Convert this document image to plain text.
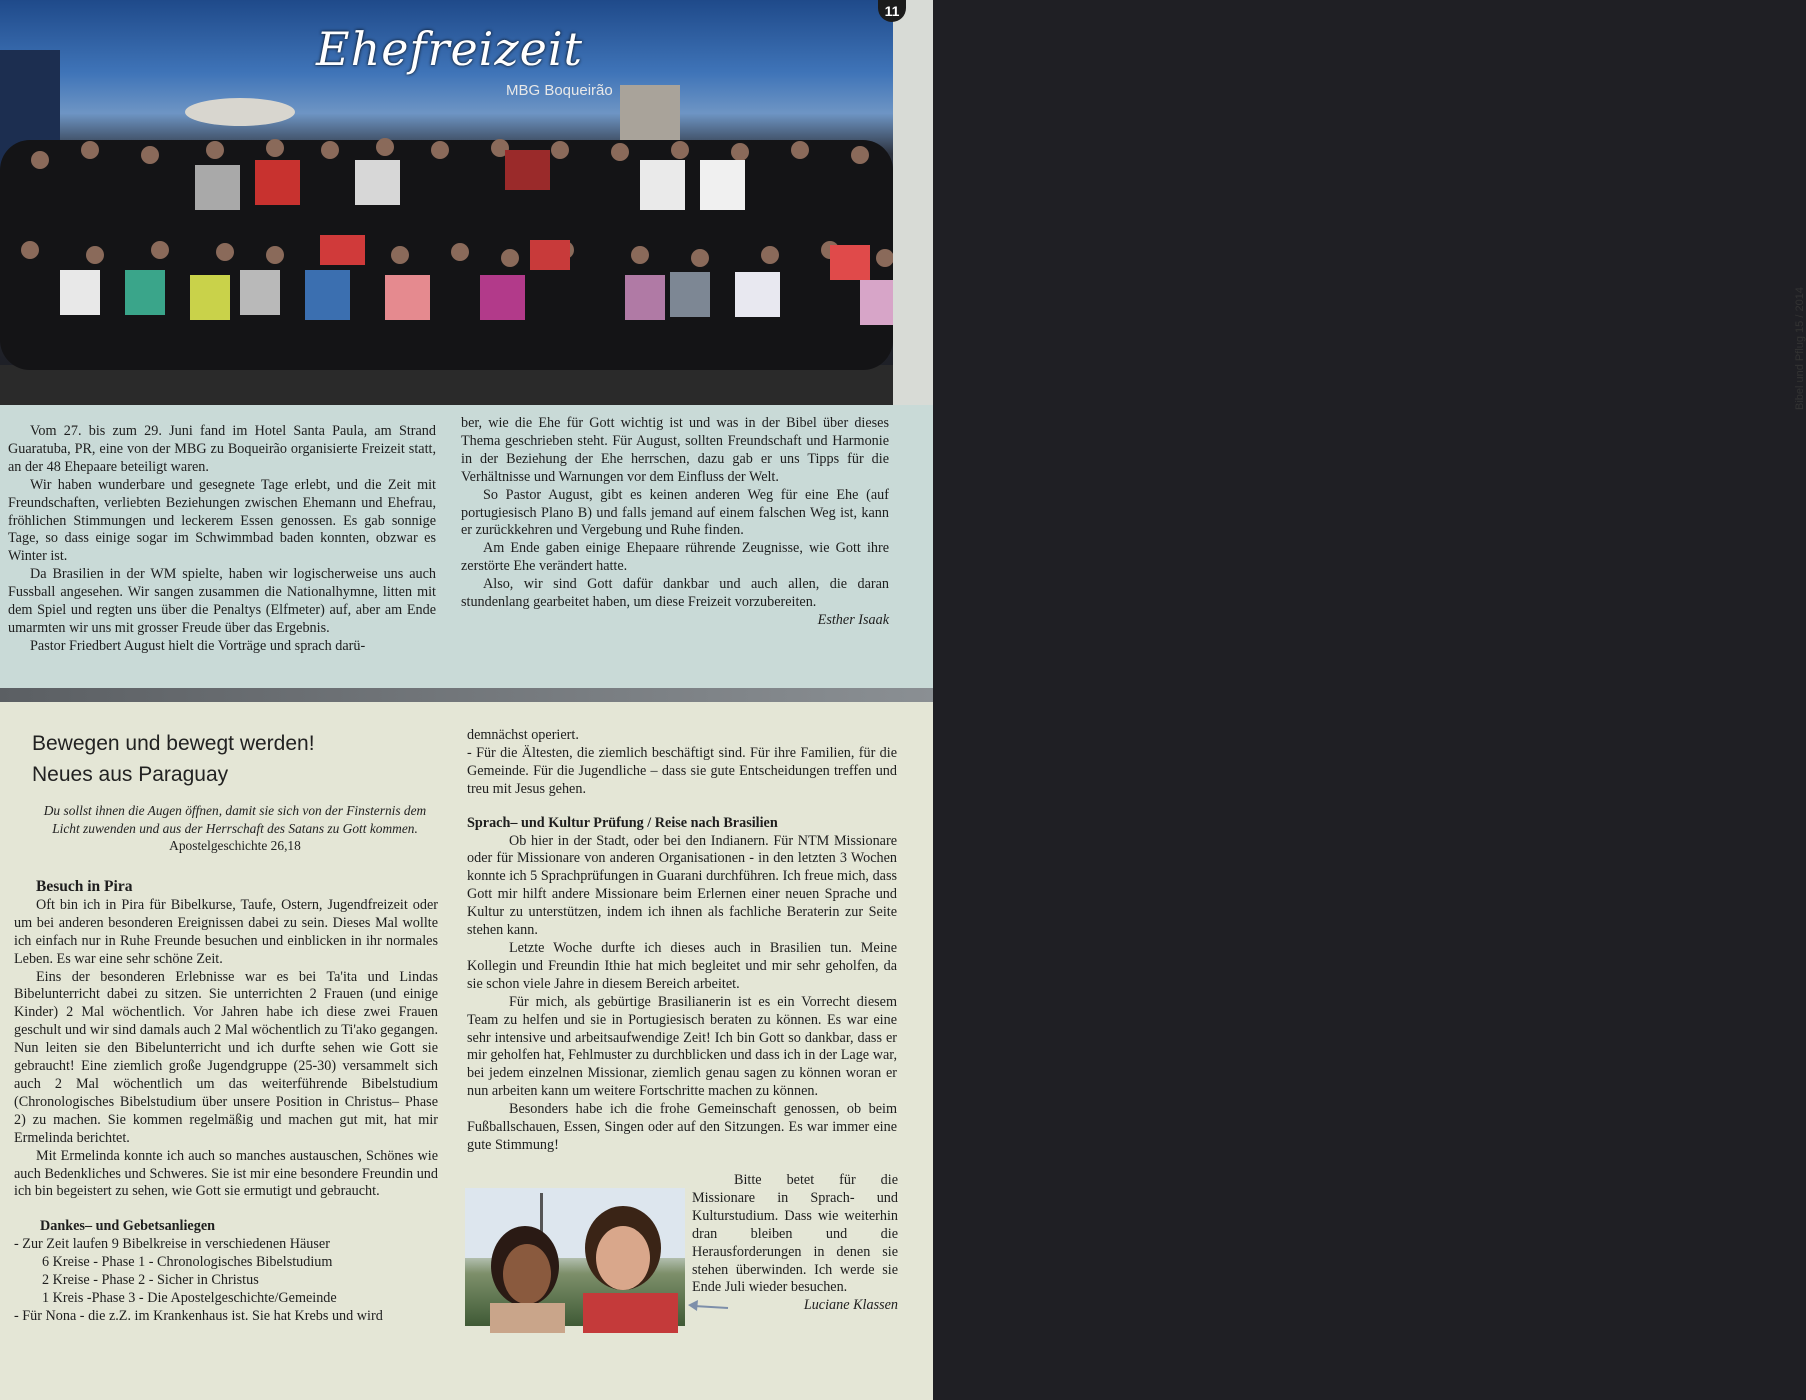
Ehefreizeit
MBG Boqueirão
Bibel und Pflug 15 / 2014
11

Vom 27. bis zum 29. Juni fand im Hotel Santa Paula, am Strand Guaratuba, PR, eine von der MBG zu Boqueirão organisierte Freizeit statt, an der 48 Ehepaare beteiligt waren.

Wir haben wunderbare und gesegnete Tage erlebt, und die Zeit mit Freundschaften, verliebten Beziehungen zwischen Ehemann und Ehefrau, fröhlichen Stimmungen und leckerem Essen genossen. Es gab sonnige Tage, so dass einige sogar im Schwimmbad baden konnten, obzwar es Winter ist.

Da Brasilien in der WM spielte, haben wir logischerweise uns auch Fussball angesehen. Wir sangen zusammen die Nationalhymne, litten mit dem Spiel und regten uns über die Penaltys (Elfmeter) auf, aber am Ende umarmten wir uns mit grosser Freude über das Ergebnis.

Pastor Friedbert August hielt die Vorträge und sprach darü-

ber, wie die Ehe für Gott wichtig ist und was in der Bibel über dieses Thema geschrieben steht. Für August, sollten Freundschaft und Harmonie in der Beziehung der Ehe herrschen, dazu gab er uns Tipps für die Verhältnisse und Warnungen vor dem Einfluss der Welt.

So Pastor August, gibt es keinen anderen Weg für eine Ehe (auf portugiesisch Plano B) und falls jemand auf einem falschen Weg ist, kann er zurückkehren und Vergebung und Ruhe finden.

Am Ende gaben einige Ehepaare rührende Zeugnisse, wie Gott ihre zerstörte Ehe verändert hatte.

Also, wir sind Gott dafür dankbar und auch allen, die daran stundenlang gearbeitet haben, um diese Freizeit vorzubereiten.

Esther Isaak

Bewegen und bewegt werden!
Neues aus Paraguay
Du sollst ihnen die Augen öffnen, damit sie sich von der Finsternis dem Licht zuwenden und aus der Herrschaft des Satans zu Gott kommen. Apostelgeschichte 26,18

Besuch in Pira

Oft bin ich in Pira für Bibelkurse, Taufe, Ostern, Jugendfreizeit oder um bei anderen besonderen Ereignissen dabei zu sein. Dieses Mal wollte ich einfach nur in Ruhe Freunde besuchen und einblicken in ihr normales Leben. Es war eine sehr schöne Zeit.

Eins der besonderen Erlebnisse war es bei Ta'ita und Lindas Bibelunterricht dabei zu sitzen. Sie unterrichten 2 Frauen (und einige Kinder) 2 Mal wöchentlich. Vor Jahren habe ich diese zwei Frauen geschult und wir sind damals auch 2 Mal wöchentlich zu Ti'ako gegangen. Nun leiten sie den Bibelunterricht und ich durfte sehen wie Gott sie gebraucht! Eine ziemlich große Jugendgruppe (25-30) versammelt sich auch 2 Mal wöchentlich um das weiterführende Bibelstudium (Chronologisches Bibelstudium über unsere Position in Christus– Phase 2) zu machen. Sie kommen regelmäßig und machen gut mit, hat mir Ermelinda berichtet.

Mit Ermelinda konnte ich auch so manches austauschen, Schönes wie auch Bedenkliches und Schweres. Sie ist mir eine besondere Freundin und ich bin begeistert zu sehen, wie Gott sie ermutigt und gebraucht.

Dankes– und Gebetsanliegen

- Zur Zeit laufen 9 Bibelkreise in verschiedenen Häuser
6 Kreise - Phase 1 - Chronologisches Bibelstudium
2 Kreise - Phase 2 - Sicher in Christus
1 Kreis -Phase 3 - Die Apostelgeschichte/Gemeinde
- Für Nona - die z.Z. im Krankenhaus ist. Sie hat Krebs und wird

demnächst operiert.

- Für die Ältesten, die ziemlich beschäftigt sind. Für ihre Familien, für die Gemeinde. Für die Jugendliche – dass sie gute Entscheidungen treffen und treu mit Jesus gehen.

Sprach– und Kultur Prüfung / Reise nach Brasilien

Ob hier in der Stadt, oder bei den Indianern. Für NTM Missionare oder für Missionare von anderen Organisationen - in den letzten 3 Wochen konnte ich 5 Sprachprüfungen in Guarani durchführen. Ich freue mich, dass Gott mir hilft andere Missionare beim Erlernen einer neuen Sprache und Kultur zu unterstützen, indem ich ihnen als fachliche Beraterin zur Seite stehen kann.

Letzte Woche durfte ich dieses auch in Brasilien tun. Meine Kollegin und Freundin Ithie hat mich begleitet und mir sehr geholfen, da sie schon viele Jahre in diesem Bereich arbeitet.

Für mich, als gebürtige Brasilianerin ist es ein Vorrecht diesem Team zu helfen und sie in Portugiesisch beraten zu können. Es war eine sehr intensive und arbeitsaufwendige Zeit! Ich bin Gott so dankbar, dass er mir geholfen hat, Fehlmuster zu durchblicken und dass ich in der Lage war, bei jedem einzelnen Missionar, ziemlich genau sagen zu können woran er nun arbeiten kann um weitere Fortschritte machen zu können.

Besonders habe ich die frohe Gemeinschaft genossen, ob beim Fußballschauen, Essen, Singen oder auf den Sitzungen. Es war immer eine gute Stimmung!

Bitte betet für die Missionare in Sprach- und Kulturstudium. Dass wie weiterhin dran bleiben und die Herausforderungen in denen sie stehen überwinden. Ich werde sie Ende Juli wieder besuchen.

Luciane Klassen
